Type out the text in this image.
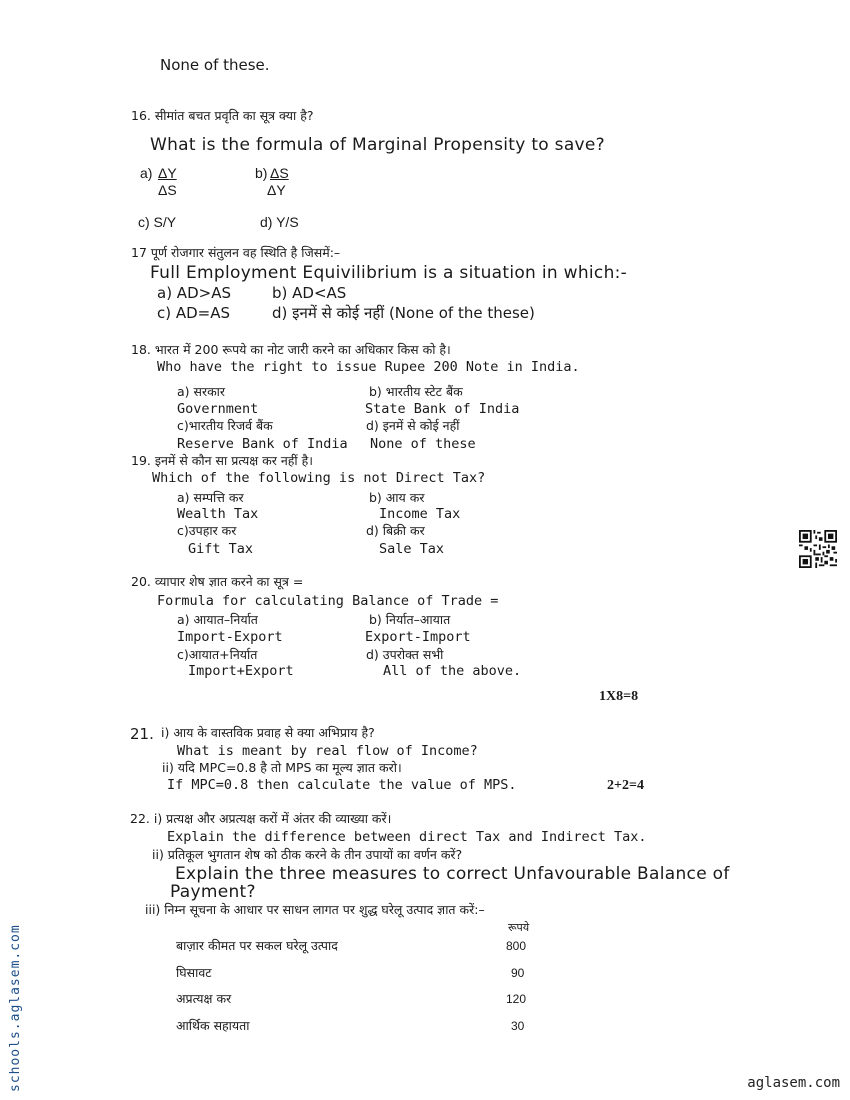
None of these.
16. सीमांत बचत प्रवृति का सूत्र क्या है?
What is the formula of Marginal Propensity to save?
a) ΔY
ΔS
b) ΔS
ΔY
c) S/Y	d) Y/S
17 पूर्ण रोजगार संतुलन वह स्थिति है जिसमें:–
Full Employment Equivilibrium is a situation in which:-
a) AD>AS	b) AD<AS
c) AD=AS	d) इनमें से कोई नहीं (None of the these)
18. भारत में 200 रूपये का नोट जारी करने का अधिकार किस को है।
Who have the right to issue Rupee 200 Note in India.
a) सरकार
Government
b) भारतीय स्टेट बैंक
State Bank of India
c)भारतीय रिजर्व बैंक
Reserve Bank of India
d) इनमें से कोई नहीं
None of these
19. इनमें से कौन सा प्रत्यक्ष कर नहीं है।
Which of the following is not Direct Tax?
a) सम्पत्ति कर
Wealth Tax
b) आय कर
Income Tax
c)उपहार कर
Gift Tax
d) बिक्री कर
Sale Tax
20. व्यापार शेष ज्ञात करने का सूत्र =
Formula for calculating Balance of Trade =
a) आयात–निर्यात
Import-Export
b) निर्यात–आयात
Export-Import
c)आयात+निर्यात
Import+Export
d) उपरोक्त सभी
All of the above.
1X8=8
21. i) आय के वास्तविक प्रवाह से क्या अभिप्राय है?
What is meant by real flow of Income?
ii) यदि MPC=0.8 है तो MPS का मूल्य ज्ञात करो।
If MPC=0.8 then calculate the value of MPS.	2+2=4
22. i) प्रत्यक्ष और अप्रत्यक्ष करों में अंतर की व्याख्या करें।
Explain the difference between direct Tax and Indirect Tax.
ii) प्रतिकूल भुगतान शेष को ठीक करने के तीन उपायों का वर्णन करें?
Explain the three measures to correct Unfavourable Balance of
Payment?
iii) निम्न सूचना के आधार पर साधन लागत पर शुद्ध घरेलू उत्पाद ज्ञात करें:–
रूपये
बाज़ार कीमत पर सकल घरेलू उत्पाद	800
घिसावट	90
अप्रत्यक्ष कर	120
आर्थिक सहायता	30
schools.aglasem.com	aglasem.com
